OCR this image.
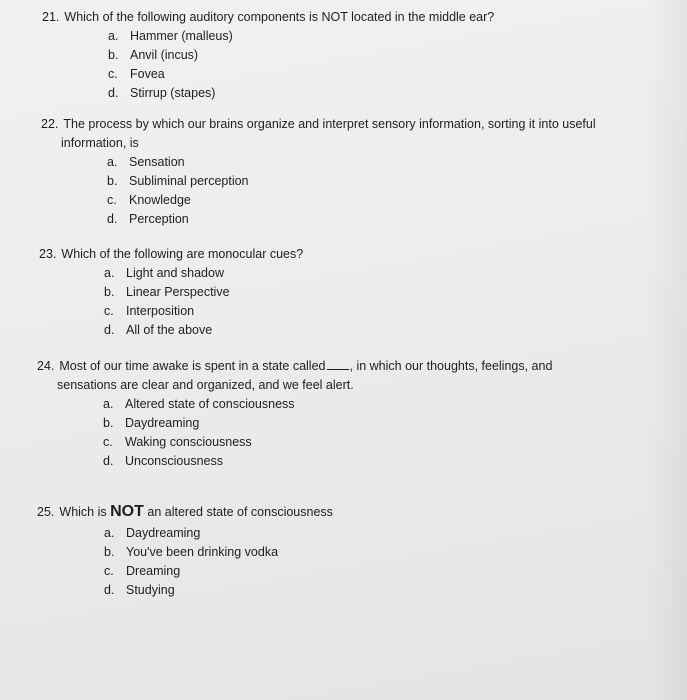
21. Which of the following auditory components is NOT located in the middle ear?
a. Hammer (malleus)
b. Anvil (incus)
c. Fovea
d. Stirrup (stapes)
22. The process by which our brains organize and interpret sensory information, sorting it into useful
information, is
a. Sensation
b. Subliminal perception
c. Knowledge
d. Perception
23. Which of the following are monocular cues?
a. Light and shadow
b. Linear Perspective
c. Interposition
d. All of the above
24. Most of our time awake is spent in a state called , in which our thoughts, feelings, and
sensations are clear and organized, and we feel alert.
a. Altered state of consciousness
b. Daydreaming
c. Waking consciousness
d. Unconsciousness
25. Which is NOT an altered state of consciousness
a. Daydreaming
b. You've been drinking vodka
c. Dreaming
d. Studying
